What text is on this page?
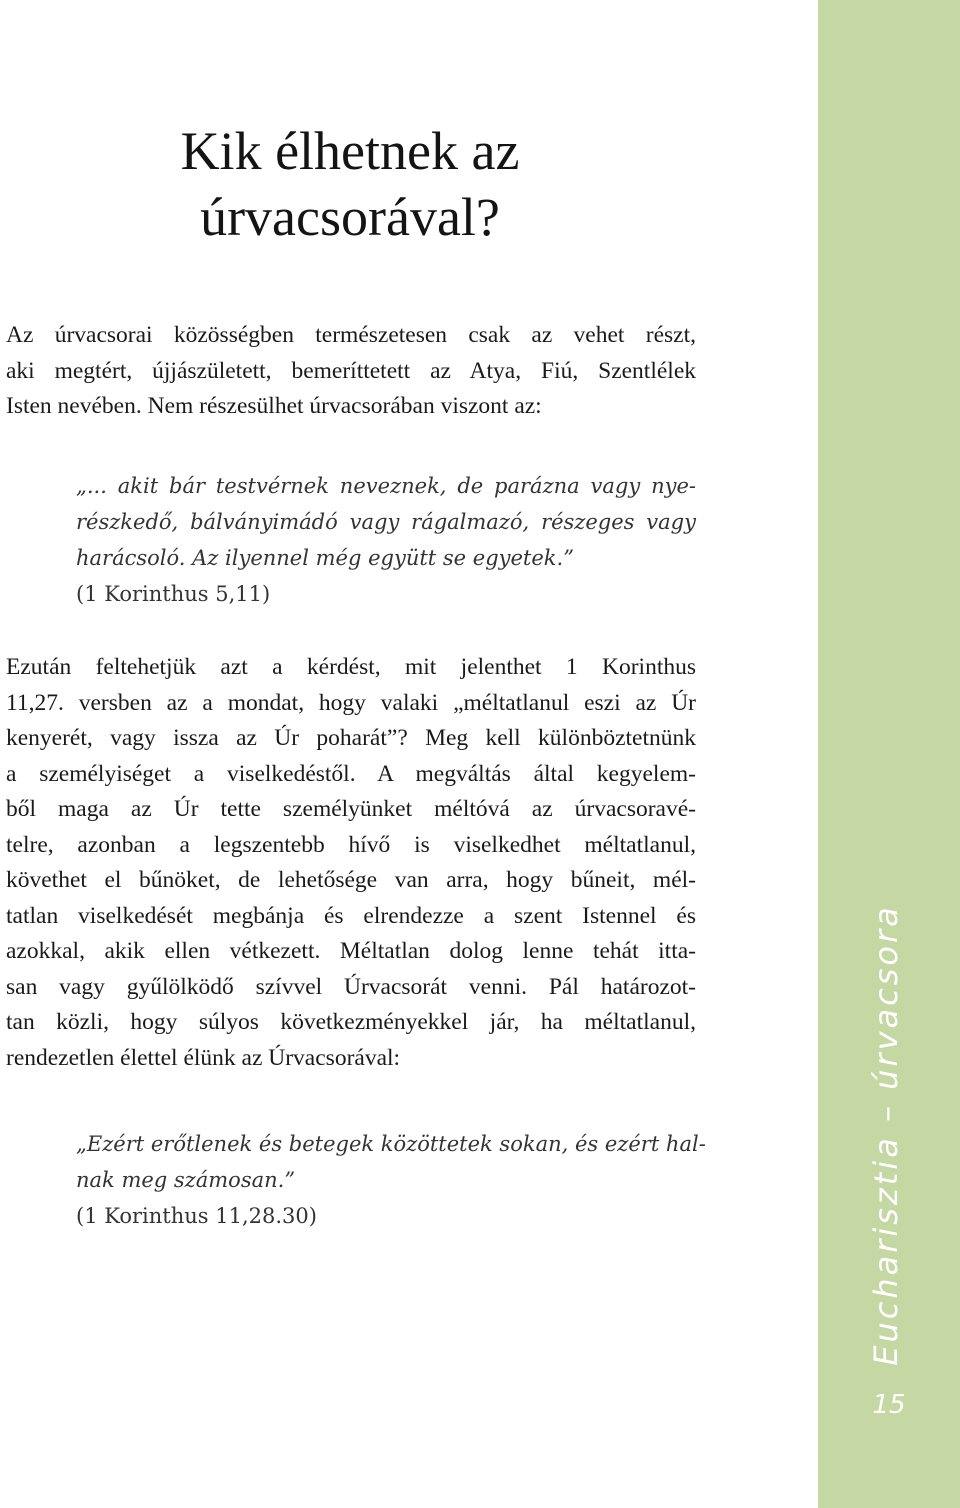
Eucharisztia – úrvacsora
15
Kik élhetnek az
úrvacsorával?

Az úrvacsorai közösségben természetesen csak az vehet részt,
aki megtért, újjászületett, bemeríttetett az Atya, Fiú, Szentlélek
Isten nevében. Nem részesülhet úrvacsorában viszont az:

„... akit bár testvérnek neveznek, de parázna vagy nye-
részkedő, bálványimádó vagy rágalmazó, részeges vagy
harácsoló. Az ilyennel még együtt se egyetek.”
(1 Korinthus 5,11)

Ezután feltehetjük azt a kérdést, mit jelenthet 1 Korinthus
11,27. versben az a mondat, hogy valaki „méltatlanul eszi az Úr
kenyerét, vagy issza az Úr poharát”? Meg kell különböztetnünk
a személyiséget a viselkedéstől. A megváltás által kegyelem-
ből maga az Úr tette személyünket méltóvá az úrvacsoravé-
telre, azonban a legszentebb hívő is viselkedhet méltatlanul,
követhet el bűnöket, de lehetősége van arra, hogy bűneit, mél-
tatlan viselkedését megbánja és elrendezze a szent Istennel és
azokkal, akik ellen vétkezett. Méltatlan dolog lenne tehát itta-
san vagy gyűlölködő szívvel Úrvacsorát venni. Pál határozot-
tan közli, hogy súlyos következményekkel jár, ha méltatlanul,
rendezetlen élettel élünk az Úrvacsorával:

„Ezért erőtlenek és betegek közöttetek sokan, és ezért hal-
nak meg számosan.”
(1 Korinthus 11,28.30)
